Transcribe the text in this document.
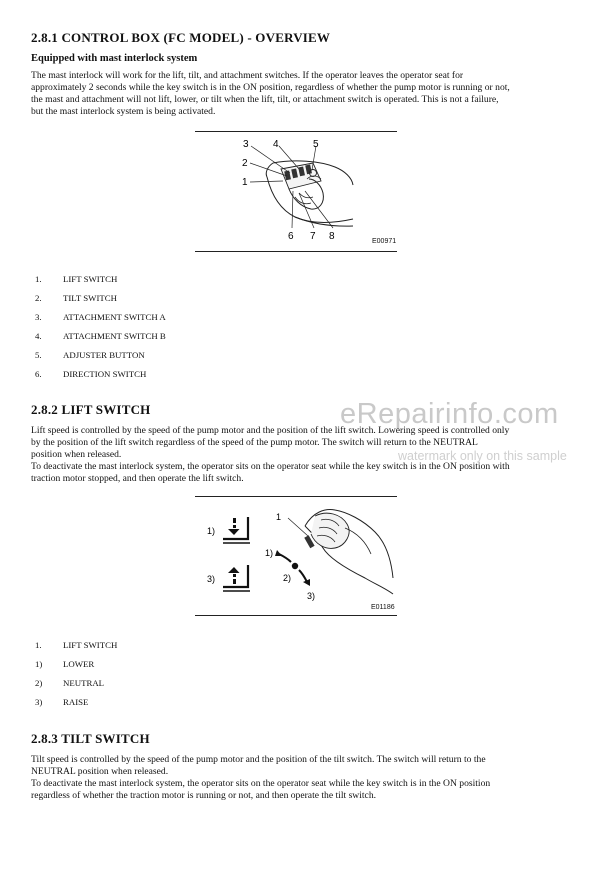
2.8.1 CONTROL BOX (FC MODEL) - OVERVIEW
Equipped with mast interlock system

The mast interlock will work for the lift, tilt, and attachment switches. If the operator leaves the operator seat for

approximately 2 seconds while the key switch is in the ON position, regardless of whether the pump motor is running or not,

the mast and attachment will not lift, lower, or tilt when the lift, tilt, or attachment switch is operated. This is not a failure,

but the mast interlock system is being activated.

3 4	5
2
1
6 7 8	E00971
1. LIFT SWITCH
2. TILT SWITCH
3. ATTACHMENT SWITCH A
4. ATTACHMENT SWITCH B
5. ADJUSTER BUTTON
6. DIRECTION SWITCH
2.8.2 LIFT SWITCH	eRepairinfo.com

Lift speed is controlled by the speed of the pump motor and the position of the lift switch. Lowering speed is controlled only

by the position of the lift switch regardless of the speed of the pump motor. The switch will return to the NEUTRAL

position when released.

To deactivate the mast interlock system, the operator sits on the operator seat while the key switch is in the ON position with

traction motor stopped, and then operate the lift switch.

watermark only on this sample
1)
3)
1
1)
2)
3)
E01186
1. LIFT SWITCH
1) LOWER
2) NEUTRAL
3) RAISE
2.8.3 TILT SWITCH

Tilt speed is controlled by the speed of the pump motor and the position of the tilt switch. The switch will return to the

NEUTRAL position when released.

To deactivate the mast interlock system, the operator sits on the operator seat while the key switch is in the ON position

regardless of whether the traction motor is running or not, and then operate the tilt switch.
